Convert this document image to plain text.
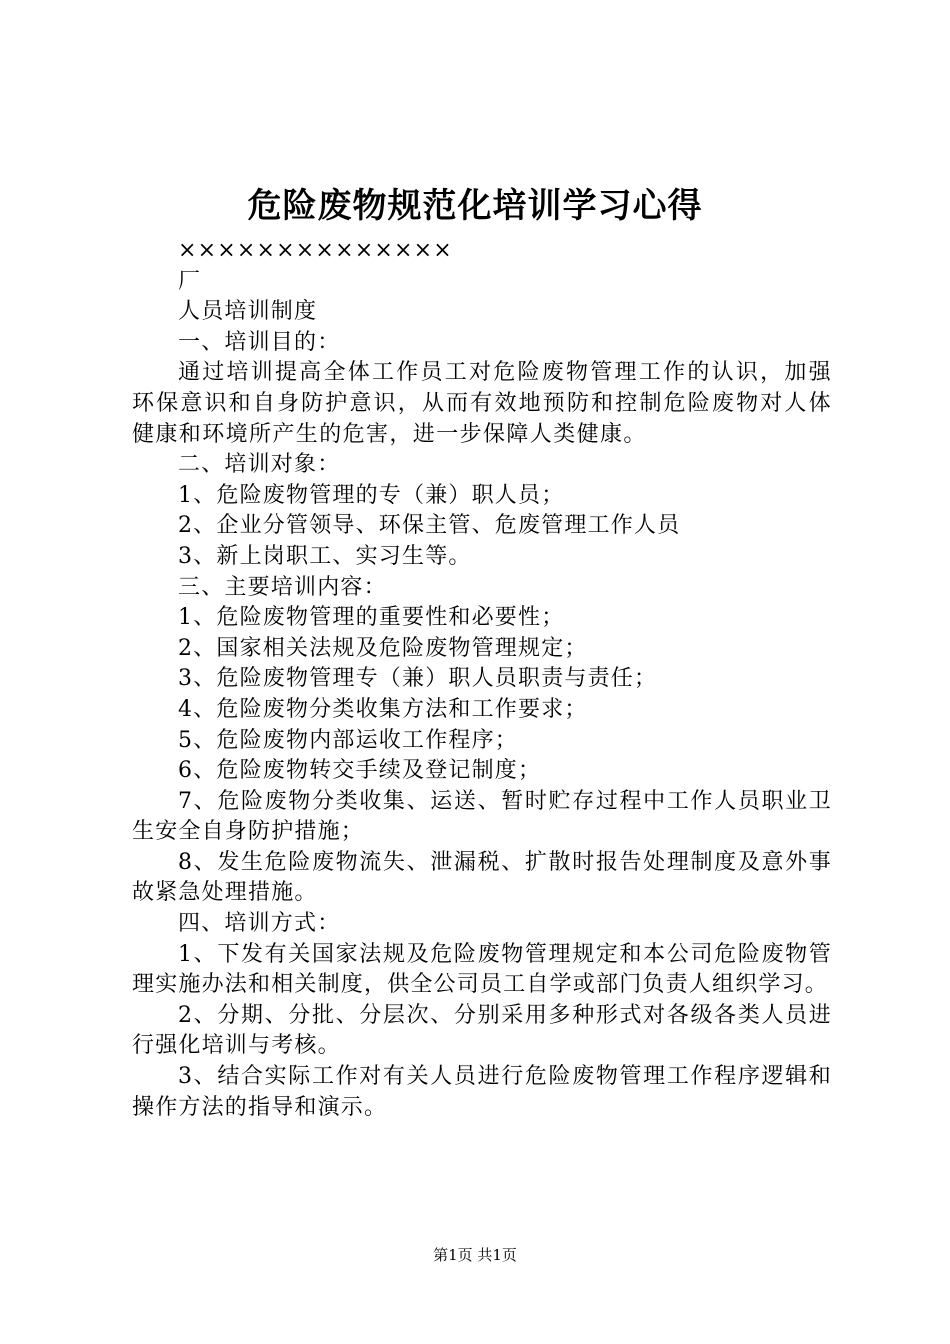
危险废物规范化培训学习心得

××××××××××××××

厂

人员培训制度

一、培训目的：

通过培训提高全体工作员工对危险废物管理工作的认识，加强环保意识和自身防护意识，从而有效地预防和控制危险废物对人体健康和环境所产生的危害，进一步保障人类健康。

二、培训对象：

1、危险废物管理的专（兼）职人员；

2、企业分管领导、环保主管、危废管理工作人员

3、新上岗职工、实习生等。

三、主要培训内容：

1、危险废物管理的重要性和必要性；

2、国家相关法规及危险废物管理规定；

3、危险废物管理专（兼）职人员职责与责任；

4、危险废物分类收集方法和工作要求；

5、危险废物内部运收工作程序；

6、危险废物转交手续及登记制度；

7、危险废物分类收集、运送、暂时贮存过程中工作人员职业卫生安全自身防护措施；

8、发生危险废物流失、泄漏税、扩散时报告处理制度及意外事故紧急处理措施。

四、培训方式：

1、下发有关国家法规及危险废物管理规定和本公司危险废物管理实施办法和相关制度，供全公司员工自学或部门负责人组织学习。

2、分期、分批、分层次、分别采用多种形式对各级各类人员进行强化培训与考核。

3、结合实际工作对有关人员进行危险废物管理工作程序逻辑和操作方法的指导和演示。

第1页 共1页
